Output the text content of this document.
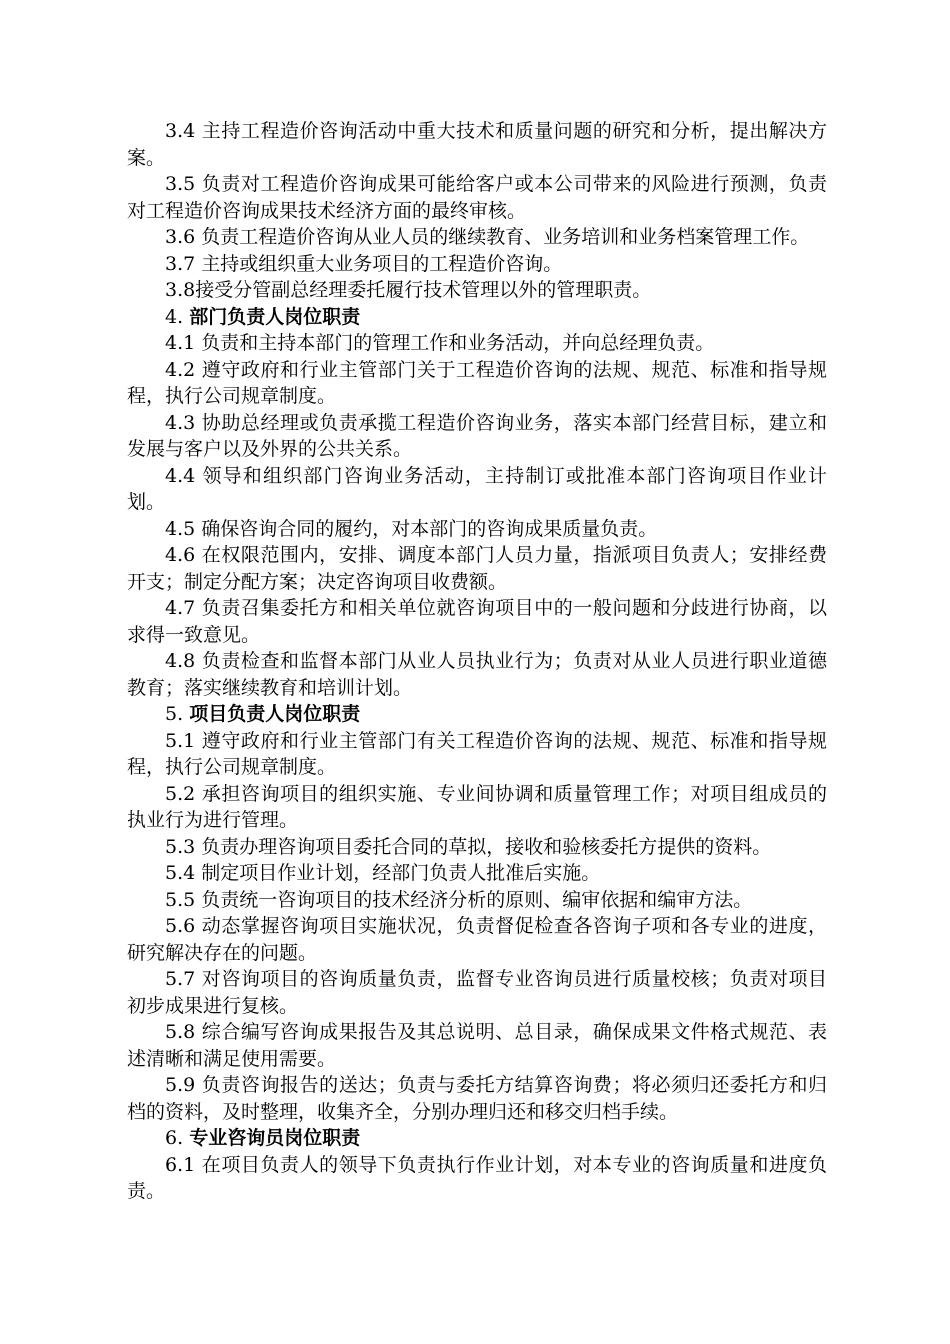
3.4 主持工程造价咨询活动中重大技术和质量问题的研究和分析，提出解决方案。

3.5 负责对工程造价咨询成果可能给客户或本公司带来的风险进行预测，负责对工程造价咨询成果技术经济方面的最终审核。

3.6 负责工程造价咨询从业人员的继续教育、业务培训和业务档案管理工作。

3.7 主持或组织重大业务项目的工程造价咨询。

3.8接受分管副总经理委托履行技术管理以外的管理职责。

4. 部门负责人岗位职责

4.1 负责和主持本部门的管理工作和业务活动，并向总经理负责。

4.2 遵守政府和行业主管部门关于工程造价咨询的法规、规范、标准和指导规程，执行公司规章制度。

4.3 协助总经理或负责承揽工程造价咨询业务，落实本部门经营目标，建立和发展与客户以及外界的公共关系。

4.4 领导和组织部门咨询业务活动，主持制订或批准本部门咨询项目作业计划。

4.5 确保咨询合同的履约，对本部门的咨询成果质量负责。

4.6 在权限范围内，安排、调度本部门人员力量，指派项目负责人；安排经费开支；制定分配方案；决定咨询项目收费额。

4.7 负责召集委托方和相关单位就咨询项目中的一般问题和分歧进行协商，以求得一致意见。

4.8 负责检查和监督本部门从业人员执业行为；负责对从业人员进行职业道德教育；落实继续教育和培训计划。

5. 项目负责人岗位职责

5.1 遵守政府和行业主管部门有关工程造价咨询的法规、规范、标准和指导规程，执行公司规章制度。

5.2 承担咨询项目的组织实施、专业间协调和质量管理工作；对项目组成员的执业行为进行管理。

5.3 负责办理咨询项目委托合同的草拟，接收和验核委托方提供的资料。

5.4 制定项目作业计划，经部门负责人批准后实施。

5.5 负责统一咨询项目的技术经济分析的原则、编审依据和编审方法。

5.6 动态掌握咨询项目实施状况，负责督促检查各咨询子项和各专业的进度，研究解决存在的问题。

5.7 对咨询项目的咨询质量负责，监督专业咨询员进行质量校核；负责对项目初步成果进行复核。

5.8 综合编写咨询成果报告及其总说明、总目录，确保成果文件格式规范、表述清晰和满足使用需要。

5.9 负责咨询报告的送达；负责与委托方结算咨询费；将必须归还委托方和归档的资料，及时整理，收集齐全，分别办理归还和移交归档手续。

6. 专业咨询员岗位职责

6.1 在项目负责人的领导下负责执行作业计划，对本专业的咨询质量和进度负责。
